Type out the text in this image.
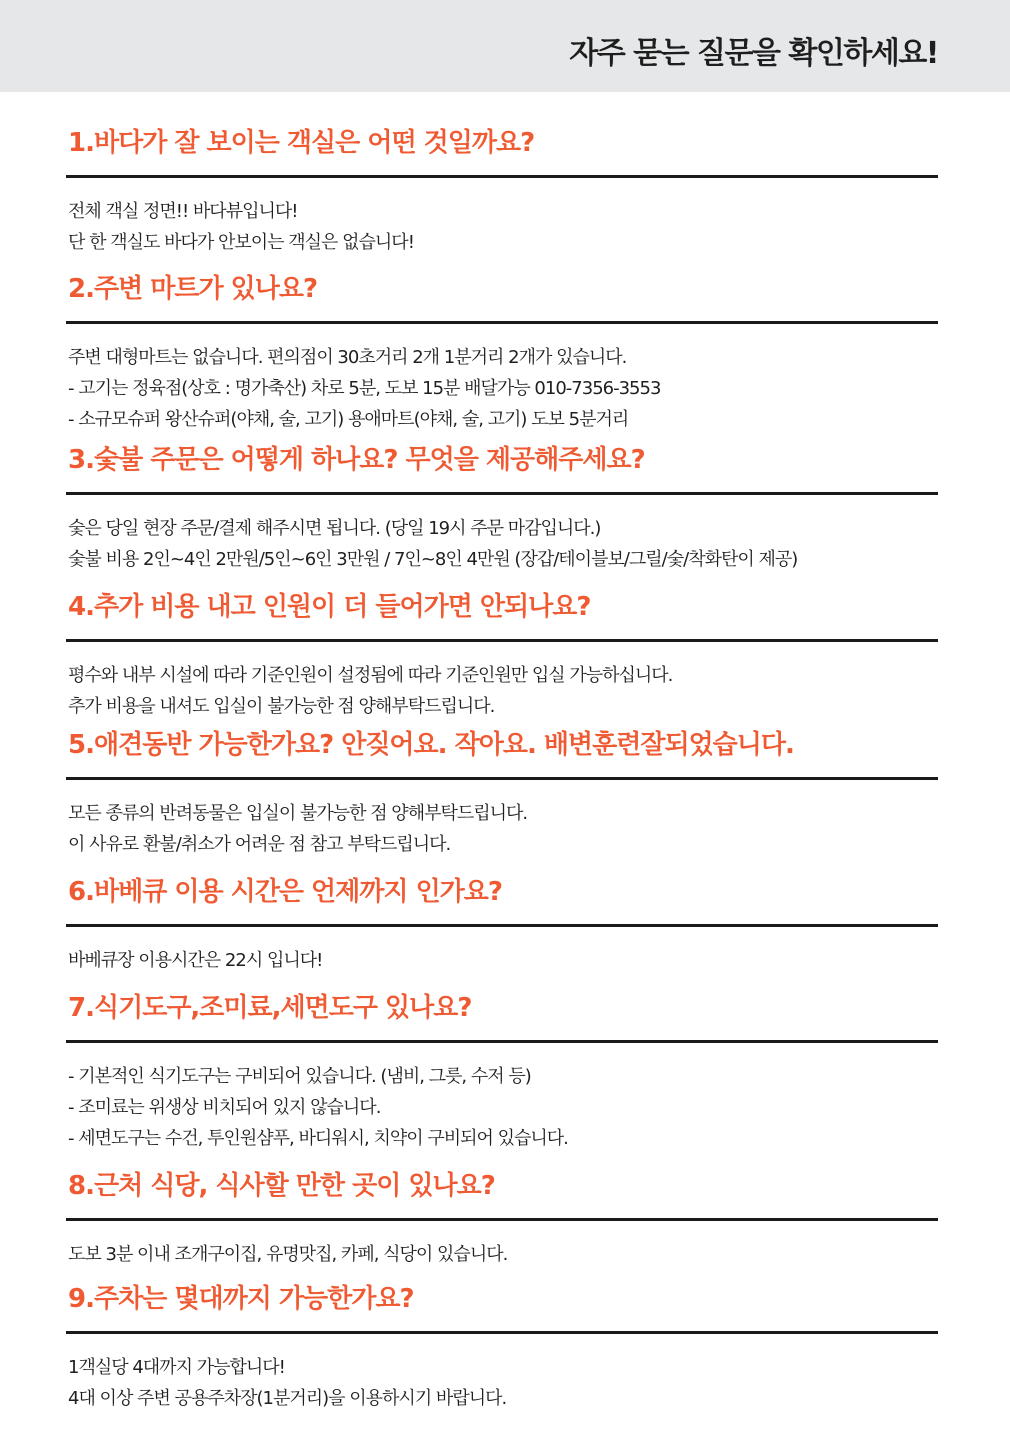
자주 묻는 질문을 확인하세요!
1.바다가 잘 보이는 객실은 어떤 것일까요?
전체 객실 정면!! 바다뷰입니다!
단 한 객실도 바다가 안보이는 객실은 없습니다!
2.주변 마트가 있나요?
주변 대형마트는 없습니다. 편의점이 30초거리 2개 1분거리 2개가 있습니다.
- 고기는 정육점(상호 : 명가축산) 차로 5분, 도보 15분 배달가능 010-7356-3553
- 소규모슈퍼 왕산슈퍼(야채, 술, 고기) 용애마트(야채, 술, 고기) 도보 5분거리
3.숯불 주문은 어떻게 하나요? 무엇을 제공해주세요?
숯은 당일 현장 주문/결제 해주시면 됩니다. (당일 19시 주문 마감입니다.)
숯불 비용 2인~4인 2만원/5인~6인 3만원 / 7인~8인 4만원 (장갑/테이블보/그릴/숯/착화탄이 제공)
4.추가 비용 내고 인원이 더 들어가면 안되나요?
평수와 내부 시설에 따라 기준인원이 설정됨에 따라 기준인원만 입실 가능하십니다.
추가 비용을 내셔도 입실이 불가능한 점 양해부탁드립니다.
5.애견동반 가능한가요? 안짖어요. 작아요. 배변훈련잘되었습니다.
모든 종류의 반려동물은 입실이 불가능한 점 양해부탁드립니다.
이 사유로 환불/취소가 어려운 점 참고 부탁드립니다.
6.바베큐 이용 시간은 언제까지 인가요?
바베큐장 이용시간은 22시 입니다!
7.식기도구,조미료,세면도구 있나요?
- 기본적인 식기도구는 구비되어 있습니다. (냄비, 그릇, 수저 등)
- 조미료는 위생상 비치되어 있지 않습니다.
- 세면도구는 수건, 투인원샴푸, 바디워시, 치약이 구비되어 있습니다.
8.근처 식당, 식사할 만한 곳이 있나요?
도보 3분 이내 조개구이집, 유명맛집, 카페, 식당이 있습니다.
9.주차는 몇대까지 가능한가요?
1객실당 4대까지 가능합니다!
4대 이상 주변 공용주차장(1분거리)을 이용하시기 바랍니다.
